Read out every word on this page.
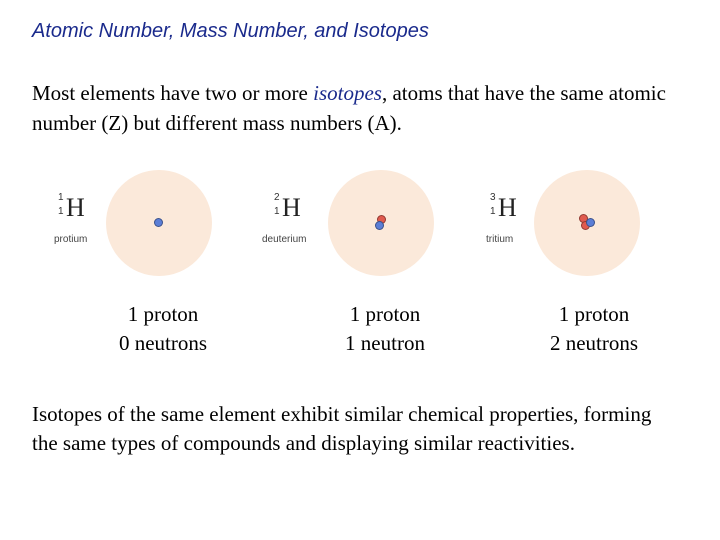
Atomic Number, Mass Number, and Isotopes
Most elements have two or more isotopes, atoms that have the same atomic number (Z) but different mass numbers (A).
1
1 H
protium
2
1 H
deuterium
3
1 H
tritium
1 proton
0 neutrons
1 proton
1 neutron
1 proton
2 neutrons
Isotopes of the same element exhibit similar chemical properties, forming the same types of compounds and displaying similar reactivities.
